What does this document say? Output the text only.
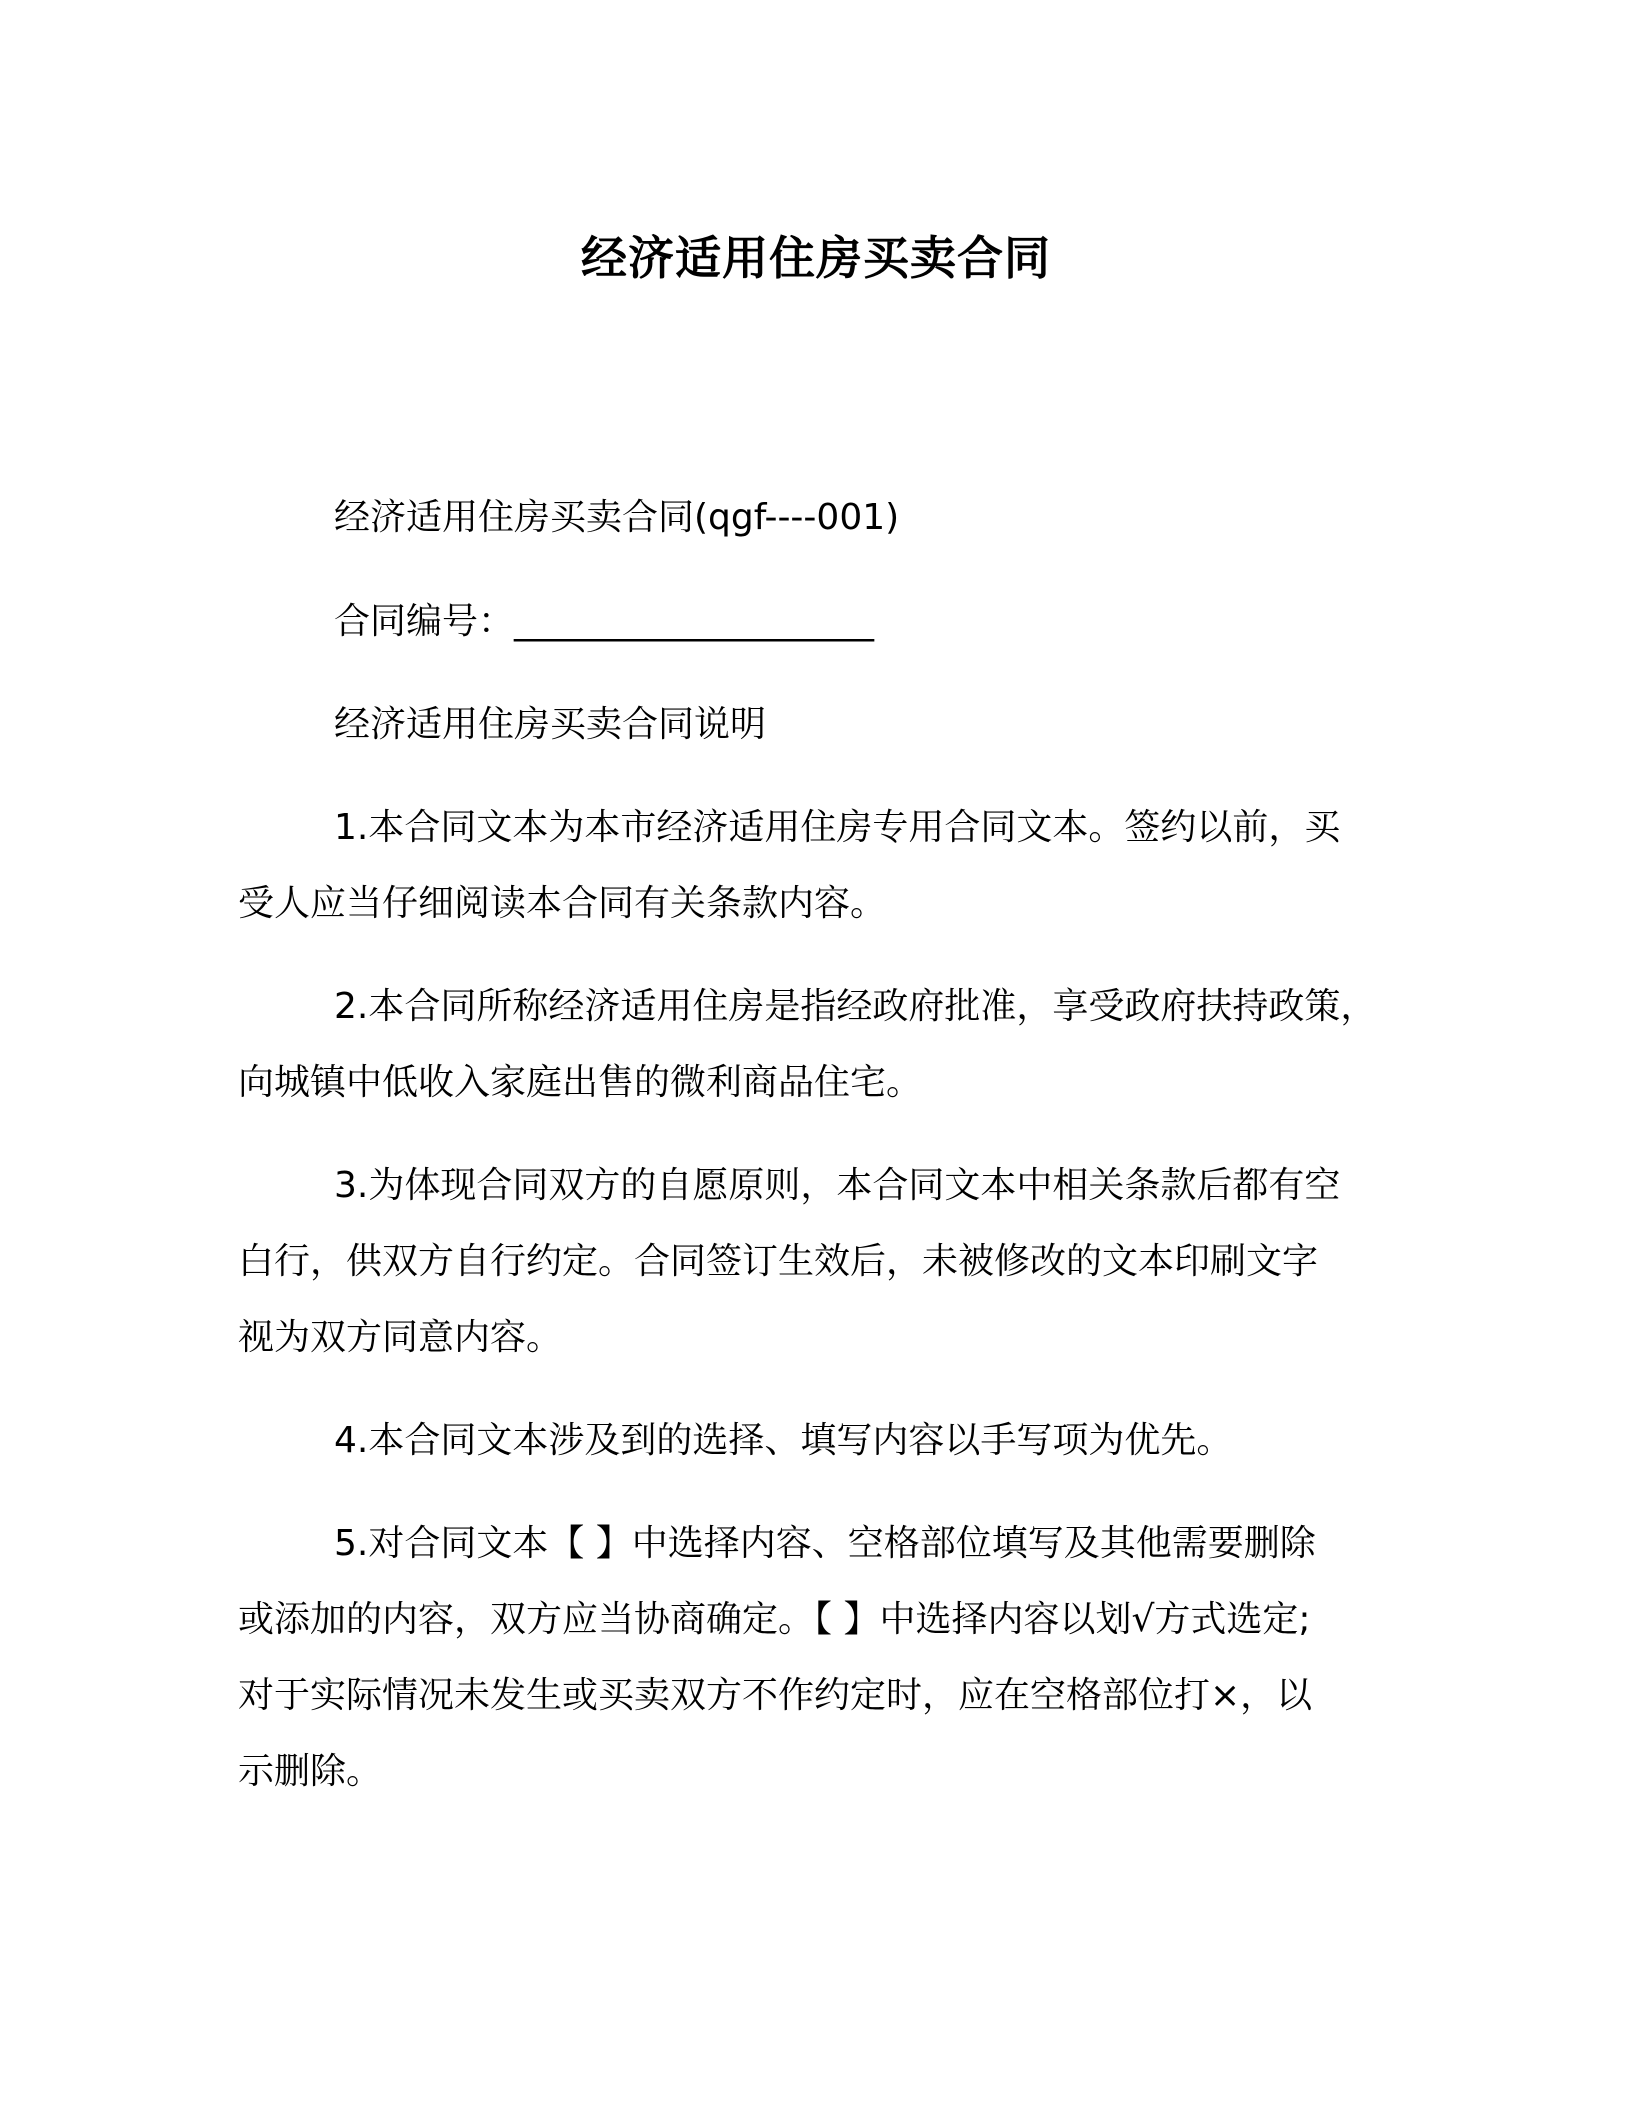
经济适用住房买卖合同
经济适用住房买卖合同(qgf----001)
合同编号：____________________
经济适用住房买卖合同说明
1.本合同文本为本市经济适用住房专用合同文本。签约以前，买
受人应当仔细阅读本合同有关条款内容。
2.本合同所称经济适用住房是指经政府批准，享受政府扶持政策，
向城镇中低收入家庭出售的微利商品住宅。
3.为体现合同双方的自愿原则，本合同文本中相关条款后都有空
白行，供双方自行约定。合同签订生效后，未被修改的文本印刷文字
视为双方同意内容。
4.本合同文本涉及到的选择、填写内容以手写项为优先。
5.对合同文本【 】中选择内容、空格部位填写及其他需要删除
或添加的内容，双方应当协商确定。【 】中选择内容以划√方式选定;
对于实际情况未发生或买卖双方不作约定时，应在空格部位打×，以
示删除。
